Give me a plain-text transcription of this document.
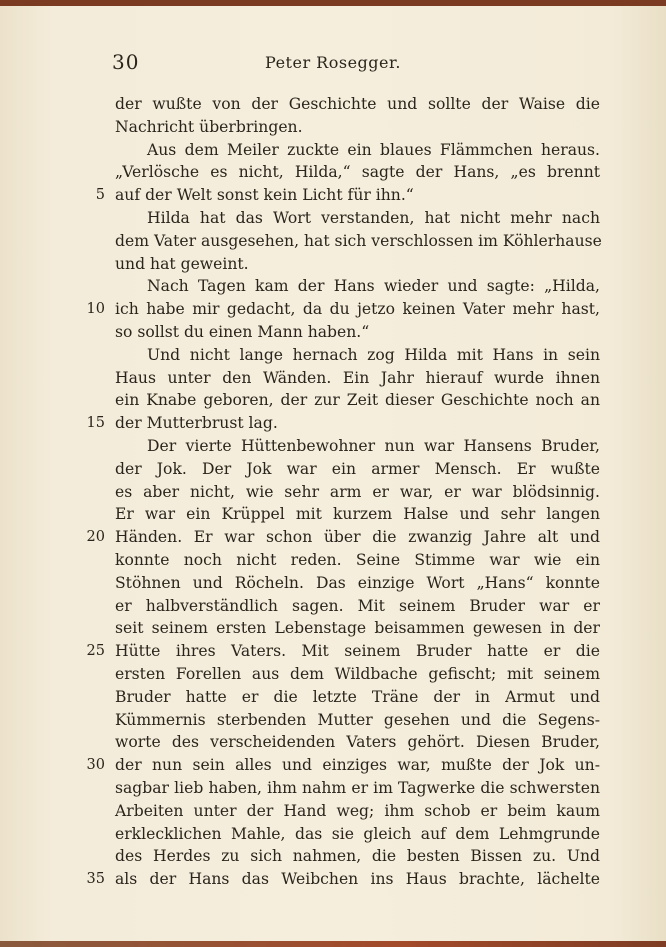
30	Peter Rosegger.
der wußte von der Geschichte und sollte der Waise die
Nachricht überbringen.
Aus dem Meiler zuckte ein blaues Flämmchen heraus.
„Verlösche es nicht, Hilda,“ sagte der Hans, „es brennt
auf der Welt sonst kein Licht für ihn.“
5
Hilda hat das Wort verstanden, hat nicht mehr nach
dem Vater ausgesehen, hat sich verschlossen im Köhlerhause
und hat geweint.
Nach Tagen kam der Hans wieder und sagte: „Hilda,
ich habe mir gedacht, da du jetzo keinen Vater mehr hast,
10
so sollst du einen Mann haben.“
Und nicht lange hernach zog Hilda mit Hans in sein
Haus unter den Wänden. Ein Jahr hierauf wurde ihnen
ein Knabe geboren, der zur Zeit dieser Geschichte noch an
der Mutterbrust lag.
15
Der vierte Hüttenbewohner nun war Hansens Bruder,
der Jok. Der Jok war ein armer Mensch. Er wußte
es aber nicht, wie sehr arm er war, er war blödsinnig.
Er war ein Krüppel mit kurzem Halse und sehr langen
Händen. Er war schon über die zwanzig Jahre alt und
20
konnte noch nicht reden. Seine Stimme war wie ein
Stöhnen und Röcheln. Das einzige Wort „Hans“ konnte
er halbverständlich sagen. Mit seinem Bruder war er
seit seinem ersten Lebenstage beisammen gewesen in der
Hütte ihres Vaters. Mit seinem Bruder hatte er die
25
ersten Forellen aus dem Wildbache gefischt; mit seinem
Bruder hatte er die letzte Träne der in Armut und
Kümmernis sterbenden Mutter gesehen und die Segens-
worte des verscheidenden Vaters gehört. Diesen Bruder,
der nun sein alles und einziges war, mußte der Jok un-
30
sagbar lieb haben, ihm nahm er im Tagwerke die schwersten
Arbeiten unter der Hand weg; ihm schob er beim kaum
erklecklichen Mahle, das sie gleich auf dem Lehmgrunde
des Herdes zu sich nahmen, die besten Bissen zu. Und
als der Hans das Weibchen ins Haus brachte, lächelte
35
